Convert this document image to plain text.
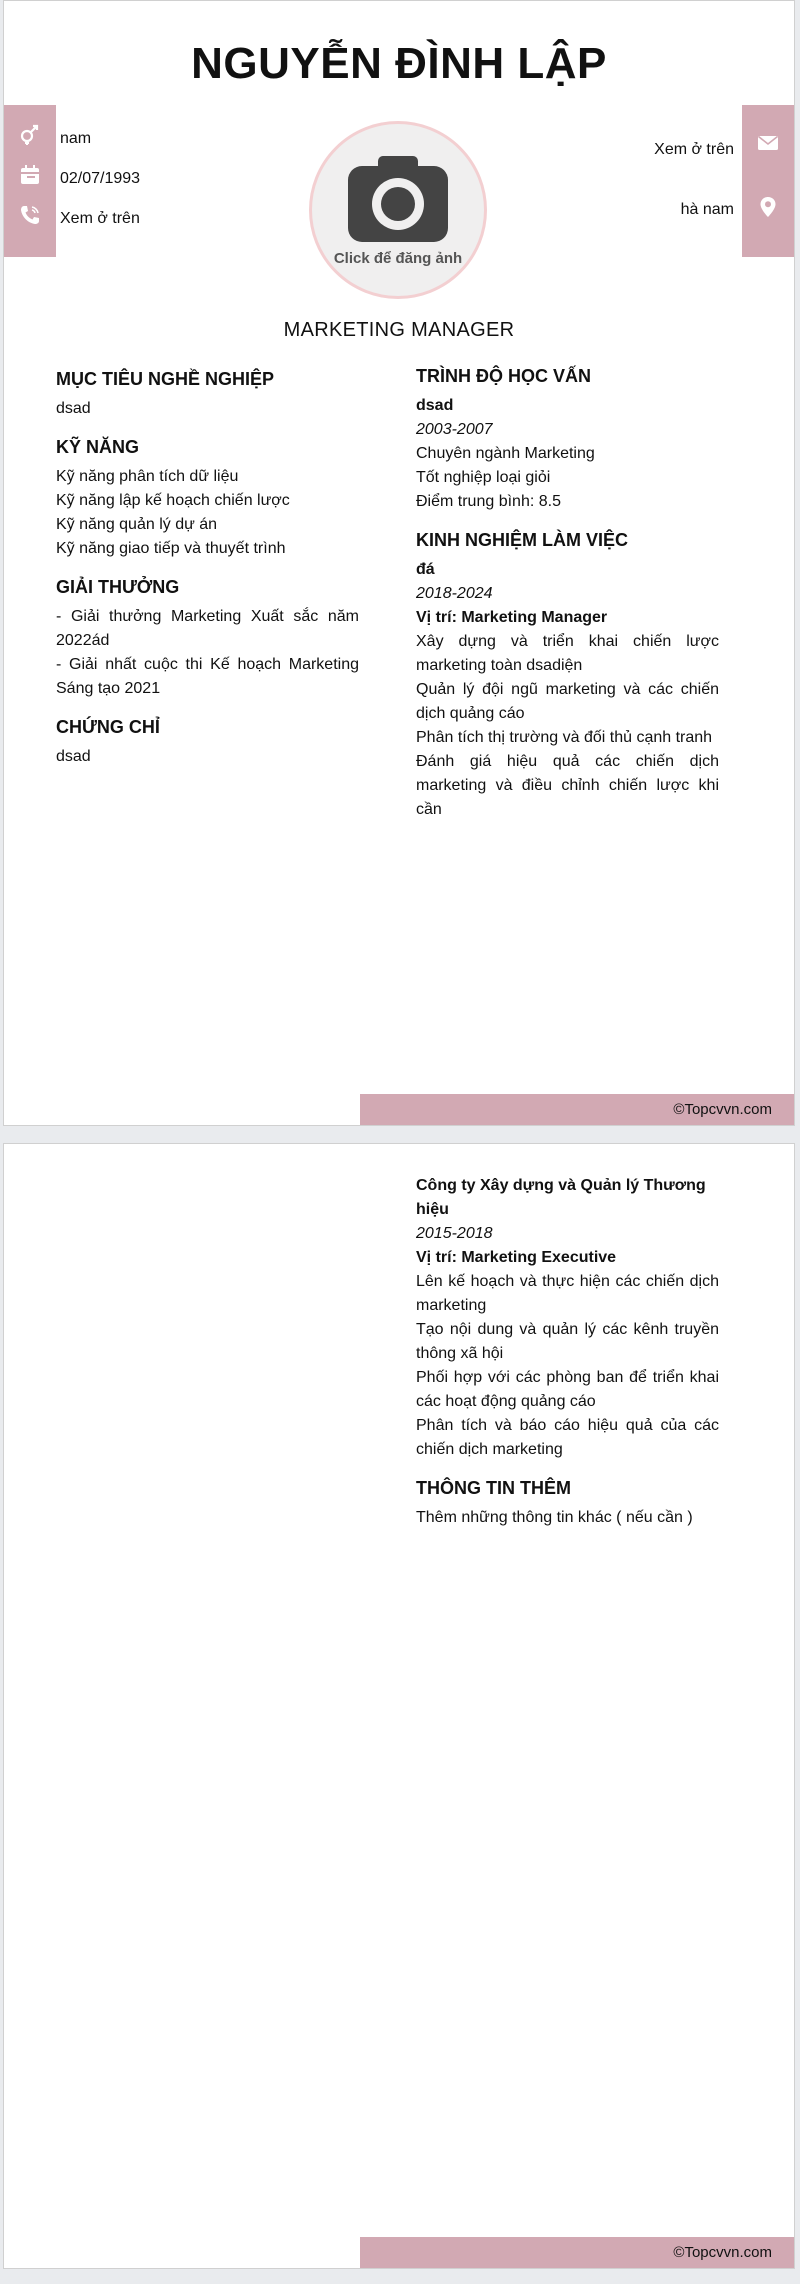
NGUYỄN ĐÌNH LẬP
nam
02/07/1993
Xem ở trên
Click để đăng ảnh
Xem ở trên
hà nam
MARKETING MANAGER
MỤC TIÊU NGHỀ NGHIỆP
dsad
KỸ NĂNG
Kỹ năng phân tích dữ liệu
Kỹ năng lập kế hoạch chiến lược
Kỹ năng quản lý dự án
Kỹ năng giao tiếp và thuyết trình
GIẢI THƯỞNG
- Giải thưởng Marketing Xuất sắc năm 2022ád
- Giải nhất cuộc thi Kế hoạch Marketing Sáng tạo 2021
CHỨNG CHỈ
dsad
TRÌNH ĐỘ HỌC VẤN
dsad
2003-2007
Chuyên ngành Marketing
Tốt nghiệp loại giỏi
Điểm trung bình: 8.5
KINH NGHIỆM LÀM VIỆC
đá
2018-2024
Vị trí: Marketing Manager
Xây dựng và triển khai chiến lược marketing toàn dsadiện
Quản lý đội ngũ marketing và các chiến dịch quảng cáo
Phân tích thị trường và đối thủ cạnh tranh
Đánh giá hiệu quả các chiến dịch marketing và điều chỉnh chiến lược khi cần
©Topcvvn.com
Công ty Xây dựng và Quản lý Thương hiệu
2015-2018
Vị trí: Marketing Executive
Lên kế hoạch và thực hiện các chiến dịch marketing
Tạo nội dung và quản lý các kênh truyền thông xã hội
Phối hợp với các phòng ban để triển khai các hoạt động quảng cáo
Phân tích và báo cáo hiệu quả của các chiến dịch marketing
THÔNG TIN THÊM
Thêm những thông tin khác ( nếu cần )
©Topcvvn.com
